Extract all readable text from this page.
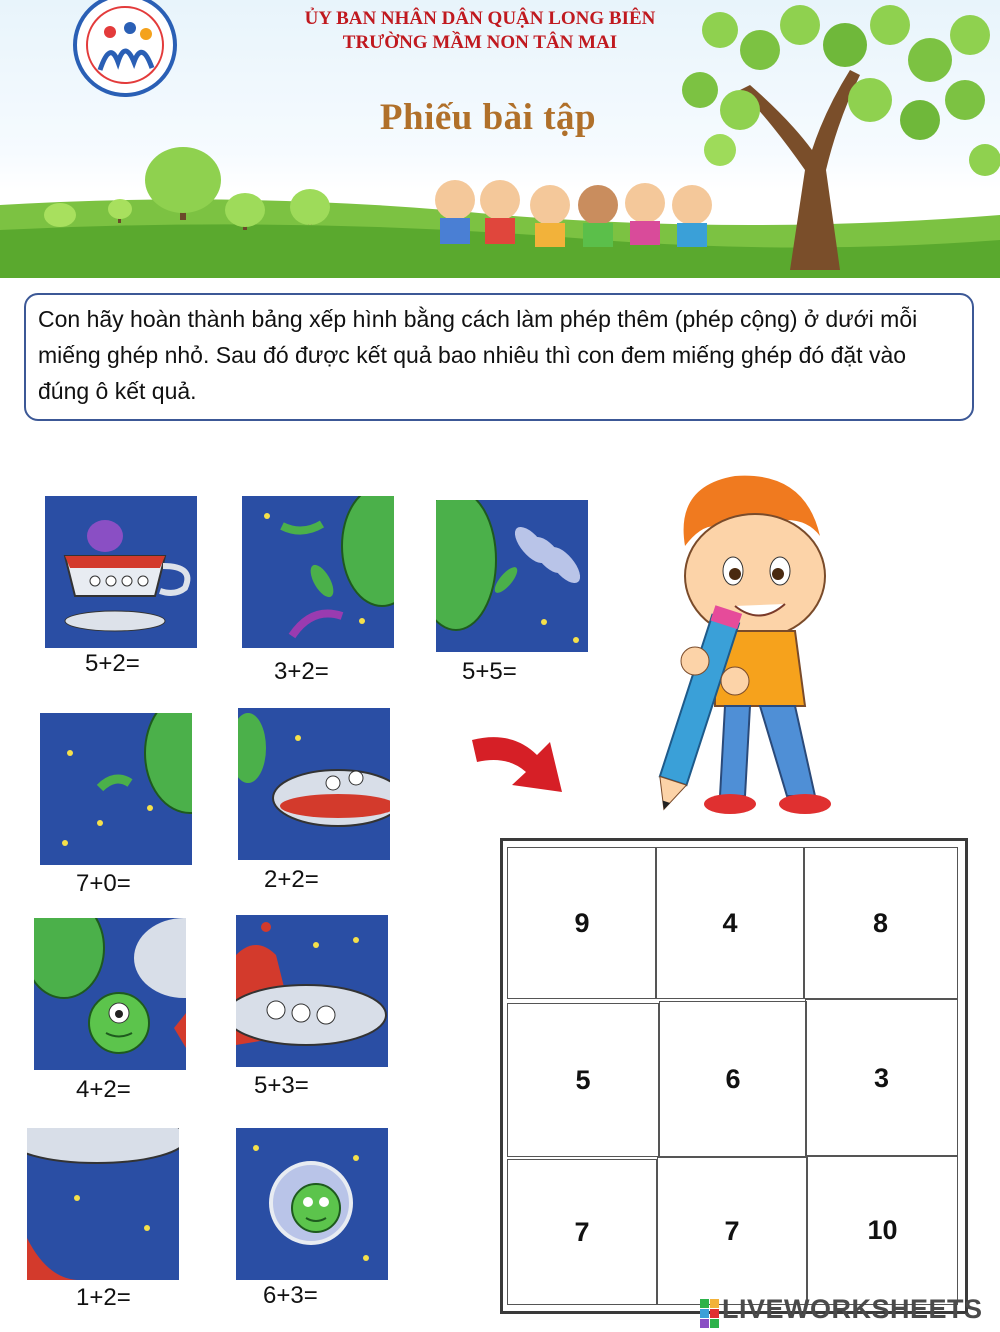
ỦY BAN NHÂN DÂN QUẬN LONG BIÊN
TRƯỜNG MẦM NON TÂN MAI
Phiếu bài tập
Con hãy hoàn thành bảng xếp hình bằng cách làm phép thêm (phép cộng) ở dưới mỗi miếng ghép nhỏ. Sau đó được kết quả bao nhiêu thì con đem miếng ghép đó đặt vào đúng ô kết quả.
5+2=	3+2=	5+5=
7+0=	2+2=
4+2=	5+3=
1+2=	6+3=
9	4	8
5	6	3
7	7	10
LIVEWORKSHEETS
